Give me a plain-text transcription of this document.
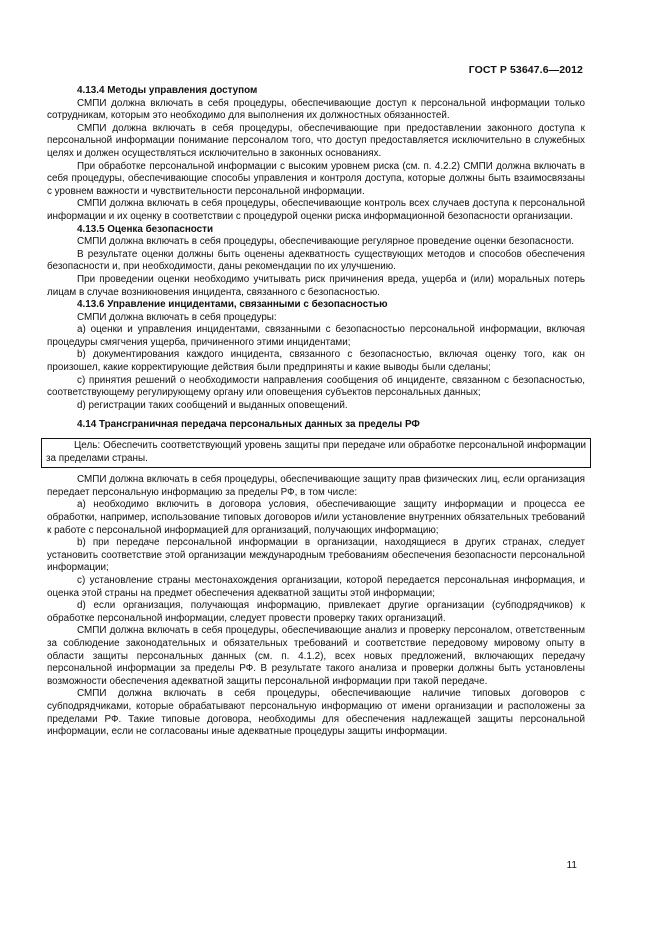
ГОСТ Р 53647.6—2012
4.13.4 Методы управления доступом

СМПИ должна включать в себя процедуры, обеспечивающие доступ к персональной информации только сотрудникам, которым это необходимо для выполнения их должностных обязанностей.

СМПИ должна включать в себя процедуры, обеспечивающие при предоставлении законного доступа к персональной информации понимание персоналом того, что доступ предоставляется исключительно в служебных целях и должен осуществляться исключительно в законных основаниях.

При обработке персональной информации с высоким уровнем риска (см. п. 4.2.2) СМПИ должна включать в себя процедуры, обеспечивающие способы управления и контроля доступа, которые должны быть взаимосвязаны с уровнем важности и чувствительности персональной информации.

СМПИ должна включать в себя процедуры, обеспечивающие контроль всех случаев доступа к персональной информации и их оценку в соответствии с процедурой оценки риска информационной безопасности организации.

4.13.5 Оценка безопасности

СМПИ должна включать в себя процедуры, обеспечивающие регулярное проведение оценки безопасности.

В результате оценки должны быть оценены адекватность существующих методов и способов обеспечения безопасности и, при необходимости, даны рекомендации по их улучшению.

При проведении оценки необходимо учитывать риск причинения вреда, ущерба и (или) моральных потерь лицам в случае возникновения инцидента, связанного с безопасностью.

4.13.6 Управление инцидентами, связанными с безопасностью

СМПИ должна включать в себя процедуры:

a) оценки и управления инцидентами, связанными с безопасностью персональной информации, включая процедуры смягчения ущерба, причиненного этими инцидентами;

b) документирования каждого инцидента, связанного с безопасностью, включая оценку того, как он произошел, какие корректирующие действия были предприняты и какие выводы были сделаны;

c) принятия решений о необходимости направления сообщения об инциденте, связанном с безопасностью, соответствующему регулирующему органу или оповещения субъектов персональных данных;

d) регистрации таких сообщений и выданных оповещений.

4.14 Трансграничная передача персональных данных за пределы РФ
Цель: Обеспечить соответствующий уровень защиты при передаче или обработке персональной информации за пределами страны.

СМПИ должна включать в себя процедуры, обеспечивающие защиту прав физических лиц, если организация передает персональную информацию за пределы РФ, в том числе:

a) необходимо включить в договора условия, обеспечивающие защиту информации и процесса ее обработки, например, использование типовых договоров и/или установление внутренних обязательных требований к работе с персональной информацией для организаций, получающих информацию;

b) при передаче персональной информации в организации, находящиеся в других странах, следует установить соответствие этой организации международным требованиям обеспечения безопасности персональной информации;

c) установление страны местонахождения организации, которой передается персональная информация, и оценка этой страны на предмет обеспечения адекватной защиты этой информации;

d) если организация, получающая информацию, привлекает другие организации (субподрядчиков) к обработке персональной информации, следует провести проверку таких организаций.

СМПИ должна включать в себя процедуры, обеспечивающие анализ и проверку персоналом, ответственным за соблюдение законодательных и обязательных требований и соответствие передовому мировому опыту в области защиты персональных данных (см. п. 4.1.2), всех новых предложений, включающих передачу персональной информации за пределы РФ. В результате такого анализа и проверки должны быть установлены возможности обеспечения адекватной защиты персональной информации при такой передаче.

СМПИ должна включать в себя процедуры, обеспечивающие наличие типовых договоров с субподрядчиками, которые обрабатывают персональную информацию от имени организации и расположены за пределами РФ. Такие типовые договора, необходимы для обеспечения надлежащей защиты персональной информации, если не согласованы иные адекватные процедуры защиты информации.

11
